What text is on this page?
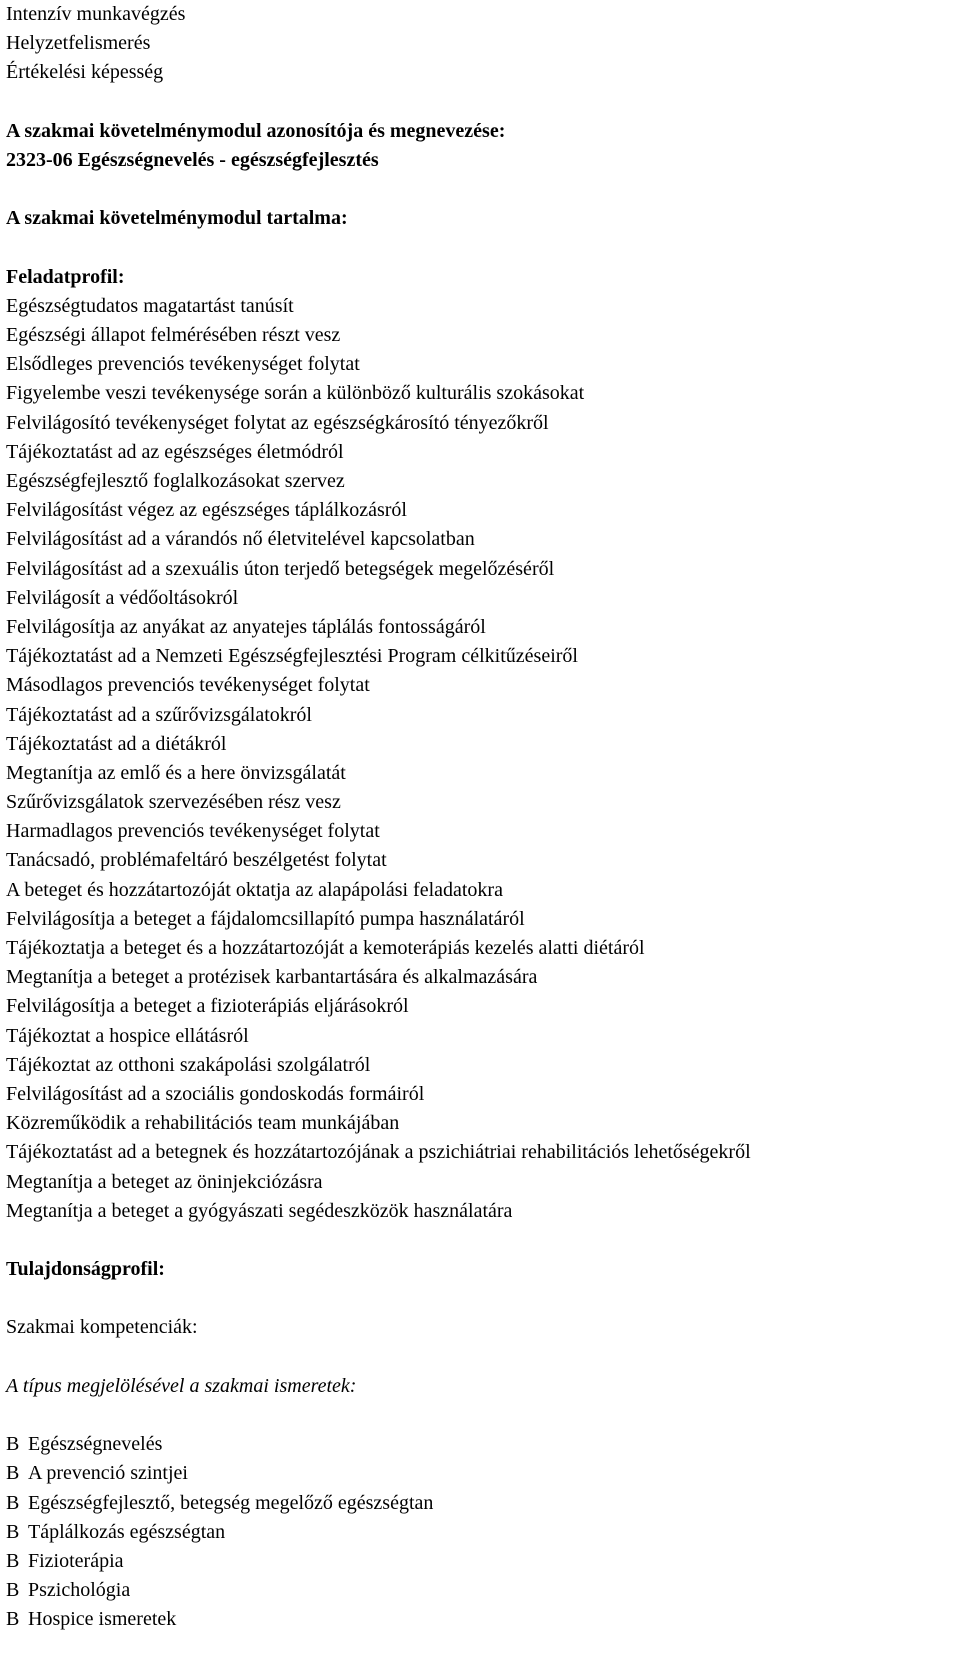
Intenzív munkavégzés
Helyzetfelismerés
Értékelési képesség
A szakmai követelménymodul azonosítója és megnevezése:
2323-06 Egészségnevelés - egészségfejlesztés
A szakmai követelménymodul tartalma:
Feladatprofil:
Egészségtudatos magatartást tanúsít
Egészségi állapot felmérésében részt vesz
Elsődleges prevenciós tevékenységet folytat
Figyelembe veszi tevékenysége során a különböző kulturális szokásokat
Felvilágosító tevékenységet folytat az egészségkárosító tényezőkről
Tájékoztatást ad az egészséges életmódról
Egészségfejlesztő foglalkozásokat szervez
Felvilágosítást végez az egészséges táplálkozásról
Felvilágosítást ad a várandós nő életvitelével kapcsolatban
Felvilágosítást ad a szexuális úton terjedő betegségek megelőzéséről
Felvilágosít a védőoltásokról
Felvilágosítja az anyákat az anyatejes táplálás fontosságáról
Tájékoztatást ad a Nemzeti Egészségfejlesztési Program célkitűzéseiről
Másodlagos prevenciós tevékenységet folytat
Tájékoztatást ad a szűrővizsgálatokról
Tájékoztatást ad a diétákról
Megtanítja az emlő és a here önvizsgálatát
Szűrővizsgálatok szervezésében rész vesz
Harmadlagos prevenciós tevékenységet folytat
Tanácsadó, problémafeltáró beszélgetést folytat
A beteget és hozzátartozóját oktatja az alapápolási feladatokra
Felvilágosítja a beteget a fájdalomcsillapító pumpa használatáról
Tájékoztatja a beteget és a hozzátartozóját a kemoterápiás kezelés alatti diétáról
Megtanítja a beteget a protézisek karbantartására és alkalmazására
Felvilágosítja a beteget a fizioterápiás eljárásokról
Tájékoztat a hospice ellátásról
Tájékoztat az otthoni szakápolási szolgálatról
Felvilágosítást ad a szociális gondoskodás formáiról
Közreműködik a rehabilitációs team munkájában
Tájékoztatást ad a betegnek és hozzátartozójának a pszichiátriai rehabilitációs lehetőségekről
Megtanítja a beteget az öninjekciózásra
Megtanítja a beteget a gyógyászati segédeszközök használatára
Tulajdonságprofil:
Szakmai kompetenciák:
A típus megjelölésével a szakmai ismeretek:
B Egészségnevelés
B A prevenció szintjei
B Egészségfejlesztő, betegség megelőző egészségtan
B Táplálkozás egészségtan
B Fizioterápia
B Pszichológia
B Hospice ismeretek
